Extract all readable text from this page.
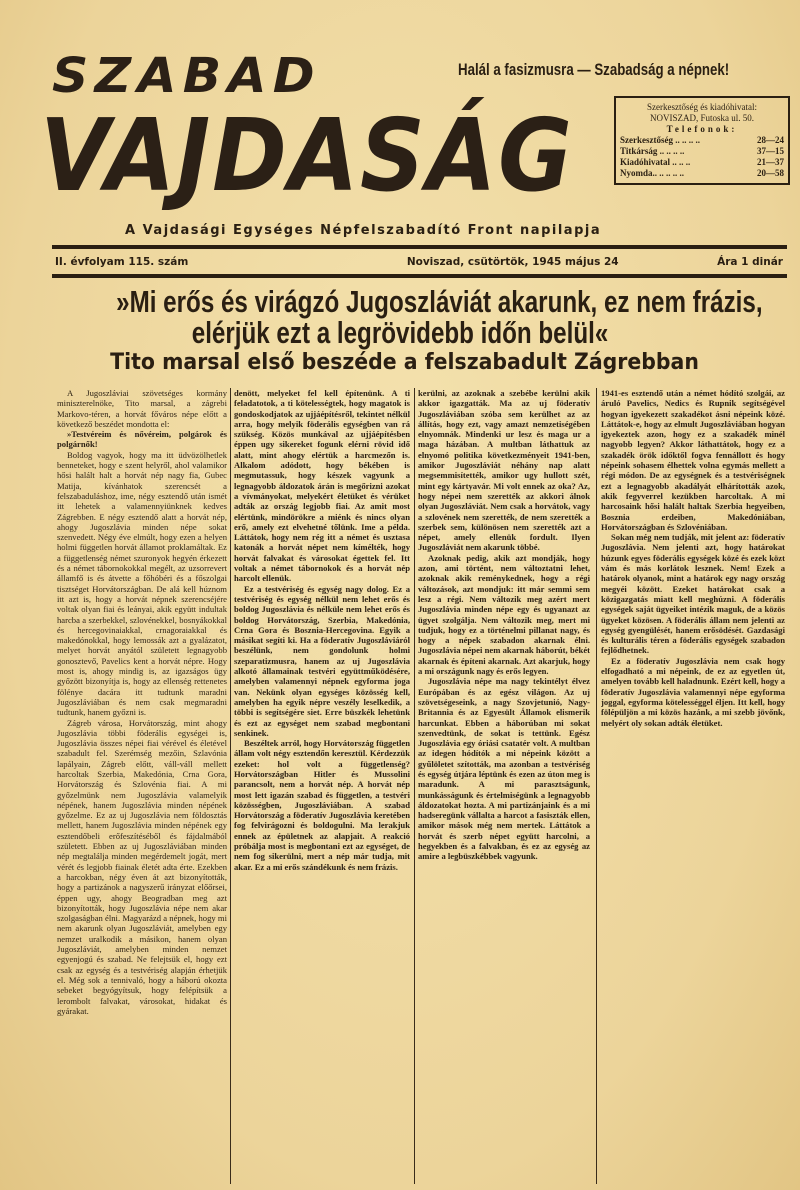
SZABAD
VAJDASÁG
Halál a fasizmusra — Szabadság a népnek!
Szerkesztőség és kiadóhivatal:
NOVISZAD, Futoska ul. 50.
Telefonok:
Szerkesztőség .. .. .. ..	28—24
Titkárság .. .. .. ..	37—15
Kiadóhivatal .. .. ..	21—37
Nyomda.. .. .. .. ..	20—58
A Vajdasági Egységes Népfelszabadító Front napilapja
II. évfolyam 115. szám	Noviszad, csütörtök, 1945 május 24	Ára 1 dinár
»Mi erős és virágzó Jugoszláviát akarunk, ez nem frázis,
elérjük ezt a legrövidebb időn belül«
Tito marsal első beszéde a felszabadult Zágrebban

A Jugoszláviai szövetséges kormány miniszterelnöke, Tito marsal, a zágrebi Markovo-téren, a horvát főváros népe előtt a következő beszédet mondotta el:

»Testvéreim és nővéreim, polgárok és polgárnők!

Boldog vagyok, hogy ma itt üdvözölhetlek benneteket, hogy e szent helyről, ahol valamikor hősi halált halt a horvát nép nagy fia, Gubec Matija, kívánhatok szerencsét a felszabaduláshoz, ime, négy esztendő után ismét itt lehetek a valamennyiünknek kedves Zágrebben. E négy esztendő alatt a horvát nép, ahogy Jugoszlávia minden népe sokat szenvedett. Négy éve elmúlt, hogy ezen a helyen holmi független horvát államot proklamáltak. Ez a függetlenség német szuronyok hegyén érkezett és a német tábornokokkal megélt, az uzsorrevert államfő is és átvette a főhóbéri és a főszolgai tisztséget Horvátországban. De alá kell húznom itt azt is, hogy a horvát népnek szerencséjére voltak olyan fiai és leányai, akik együtt indultak harcba a szerbekkel, szlovénekkel, bosnyákokkal és hercegovinaiakkal, crnagoraiakkal és makedónokkal, hogy lemossák azt a gyalázatot, melyet horvát anyától született legnagyobb gonosztevő, Pavelics kent a horvát népre. Hogy most is, ahogy mindig is, az igazságos ügy győzött bizonyítja is, hogy az ellenség rettenetes fölénye dacára itt tudtunk maradni Jugoszláviában és nem csak megmaradni tudtunk, hanem győzni is.

Zágreb városa, Horvátország, mint ahogy Jugoszlávia többi föderális egységei is, Jugoszlávia összes népei fiai vérével és életével szabadult fel. Szerémség mezőin, Szlavónia lapályain, Zágreb előtt, váll-váll mellett harcoltak Szerbia, Makedónia, Crna Gora, Horvátország és Szlovénia fiai. A mi győzelmünk nem Jugoszlávia valamelyik népének, hanem Jugoszlávia minden népének győzelme. Ez az uj Jugoszlávia nem földosztás mellett, hanem Jugoszlávia minden népének egy esztendőbeli erőfeszítéséből és fájdalmából született. Ebben az uj Jugoszláviában minden nép megtalálja minden megérdemelt jogát, mert vérét és legjobb fiainak életét adta érte. Ezekben a harcokban, négy éven át azt bizonyították, hogy a partizánok a nagyszerű irányzat előőrsei, éppen ugy, ahogy Beogradban meg azt bizonyították, hogy Jugoszlávia népe nem akar szolgaságban élni. Magyarázd a népnek, hogy mi nem akarunk olyan Jugoszláviát, amelyben egy nemzet uralkodik a másikon, hanem olyan Jugoszláviát, amelyben minden nemzet egyenjogú és szabad. Ne felejtsük el, hogy ezt csak az egység és a testvériség alapján érhetjük el. Még sok a tennivaló, hogy a háború okozta sebeket begyógyítsuk, hogy felépítsük a lerombolt falvakat, városokat, hidakat és gyárakat.

denött, melyeket fel kell építenünk. A ti feladatotok, a ti kötelességtek, hogy magatok is gondoskodjatok az ujjáépítésről, tekintet nélkül arra, hogy melyik föderális egységben van rá szükség. Közös munkával az ujjáépítésben éppen ugy sikereket fogunk elérni rövid idő alatt, mint ahogy elértük a harcmezőn is. Alkalom adódott, hogy békében is megmutassuk, hogy készek vagyunk a legnagyobb áldozatok árán is megőrizni azokat a vívmányokat, melyekért életüket és vérüket adták az ország legjobb fiai. Az amit most elértünk, mindörökre a miénk és nincs olyan erő, amely ezt elvehetné tőlünk. Ime a példa. Láttátok, hogy nem rég itt a német és usztasa katonák a horvát népet nem kímélték, hogy horvát falvakat és városokat égettek fel. Itt voltak a német tábornokok és a horvát nép harcolt ellenük.

Ez a testvériség és egység nagy dolog. Ez a testvériség és egység nélkül nem lehet erős és boldog Jugoszlávia és nélküle nem lehet erős és boldog Horvátország, Szerbia, Makedónia, Crna Gora és Bosznia-Hercegovina. Egyik a másikat segíti ki. Ha a föderatív Jugoszláviáról beszélünk, nem gondolunk holmi szeparatizmusra, hanem az uj Jugoszlávia alkotó államainak testvéri együttműködésére, amelyben valamennyi népnek egyforma joga van. Nekünk olyan egységes közösség kell, amelyben ha egyik népre veszély leselkedik, a többi is segítségére siet. Erre büszkék lehetünk és ezt az egységet nem szabad megbontani senkinek.

Beszéltek arról, hogy Horvátország független állam volt négy esztendőn keresztül. Kérdezzük ezeket: hol volt a függetlenség? Horvátországban Hitler és Mussolini parancsolt, nem a horvát nép. A horvát nép most lett igazán szabad és független, a testvéri közösségben, Jugoszláviában. A szabad Horvátország a föderatív Jugoszlávia keretében fog felvirágozni és boldogulni. Ma lerakjuk ennek az épületnek az alapjait. A reakció próbálja most is megbontani ezt az egységet, de nem fog sikerülni, mert a nép már tudja, mit akar. Ez a mi erős szándékunk és nem frázis.

kerülni, az azoknak a szebébe kerülni akik akkor igazgatták. Ma az uj föderatív Jugoszláviában szóba sem kerülhet az az állítás, hogy ezt, vagy amazt nemzetiségében elnyomnák. Mindenki ur lesz és maga ur a maga házában. A multban láthattuk az elnyomó politika következményeit 1941-ben, amikor Jugoszláviát néhány nap alatt megsemmisítették, amikor ugy hullott szét, mint egy kártyavár. Mi volt ennek az oka? Az, hogy népei nem szerették az akkori álnok olyan Jugoszláviát. Nem csak a horvátok, vagy a szlovének nem szerették, de nem szerették a szerbek sem, különösen nem szerették azt a népet, amely ellenük fordult. Ilyen Jugoszláviát nem akarunk többé.

Azoknak pedig, akik azt mondják, hogy azon, ami történt, nem változtatni lehet, azoknak akik reménykednek, hogy a régi változások, azt mondjuk: itt már semmi sem lesz a régi. Nem változik meg azért mert Jugoszlávia minden népe egy és ugyanazt az ügyet szolgálja. Nem változik meg, mert mi tudjuk, hogy ez a történelmi pillanat nagy, és hogy a népek szabadon akarnak élni. Jugoszlávia népei nem akarnak háborút, békét akarnak és építeni akarnak. Azt akarjuk, hogy a mi országunk nagy és erős legyen.

Jugoszlávia népe ma nagy tekintélyt élvez Európában és az egész világon. Az uj szövetségeseink, a nagy Szovjetunió, Nagy-Britannia és az Egyesült Államok elismerik harcunkat. Ebben a háborúban mi sokat szenvedtünk, de sokat is tettünk. Egész Jugoszlávia egy óriási csatatér volt. A multban az idegen hódítók a mi népeink között a gyűlöletet szították, ma azonban a testvériség és egység útjára léptünk és ezen az úton meg is maradunk. A mi parasztságunk, munkásságunk és értelmiségünk a legnagyobb áldozatokat hozta. A mi partizánjaink és a mi hadseregünk vállalta a harcot a fasiszták ellen, amikor mások még nem mertek. Láttátok a horvát és szerb népet együtt harcolni, a hegyekben és a falvakban, és ez az egység az amire a legbüszkébbek vagyunk.

1941-es esztendő után a német hódító szolgái, az áruló Pavelics, Nedics és Rupnik segítségével hogyan igyekezett szakadékot ásni népeink közé. Láttátok-e, hogy az elmult Jugoszláviában hogyan igyekeztek azon, hogy ez a szakadék minél nagyobb legyen? Akkor láthattátok, hogy ez a szakadék örök időktől fogva fennállott és hogy népeink sohasem élhettek volna egymás mellett a régi módon. De az egységnek és a testvériségnek ezt a legnagyobb akadályát elhárították azok, akik fegyverrel kezükben harcoltak. A mi harcosaink hősi halált haltak Szerbia hegyeiben, Bosznia erdeiben, Makedóniában, Horvátországban és Szlovéniában.

Sokan még nem tudják, mit jelent az: föderatív Jugoszlávia. Nem jelenti azt, hogy határokat húzunk egyes föderális egységek közé és ezek közt vám és más korlátok lesznek. Nem! Ezek a határok olyanok, mint a határok egy nagy ország megyéi között. Ezeket határokat csak a közigazgatás miatt kell meghúzni. A föderális egységek saját ügyeiket intézik maguk, de a közös ügyeket közösen. A föderális állam nem jelenti az egység gyengülését, hanem erősödését. Gazdasági és kulturális téren a föderális egységek szabadon fejlődhetnek.

Ez a föderatív Jugoszlávia nem csak hogy elfogadható a mi népeink, de ez az egyetlen út, amelyen tovább kell haladnunk. Ezért kell, hogy a föderatív Jugoszlávia valamennyi népe egyforma joggal, egyforma kötelességgel éljen. Itt kell, hogy fölépüljön a mi közös hazánk, a mi szebb jövőnk, melyért oly sokan adták életüket.
